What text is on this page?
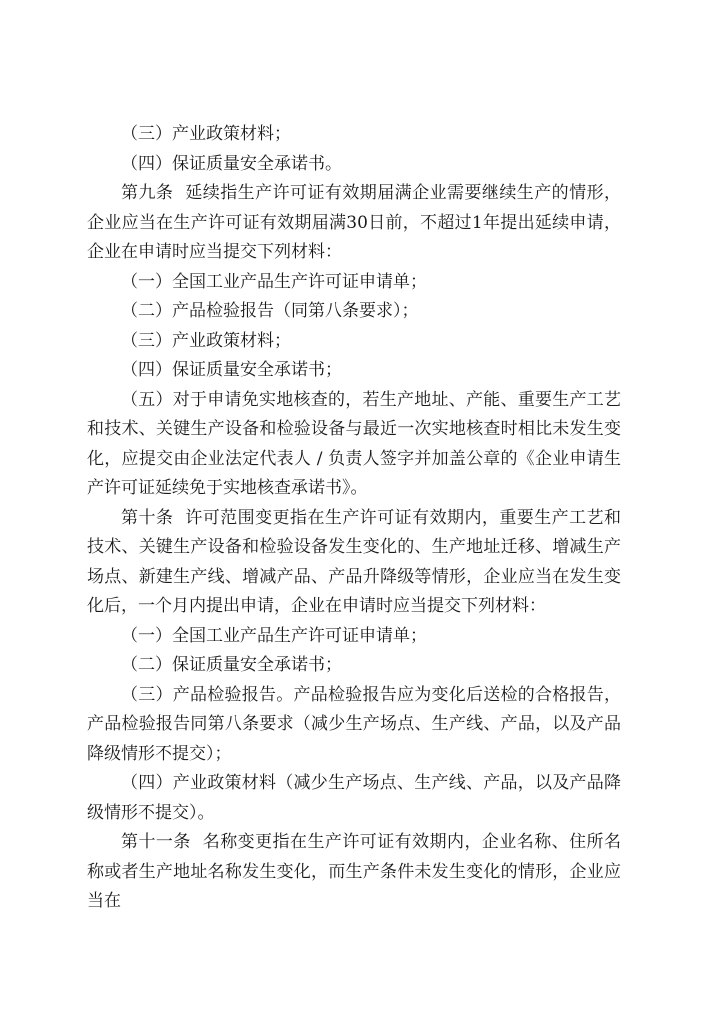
（三）产业政策材料；

（四）保证质量安全承诺书。

第九条 延续指生产许可证有效期届满企业需要继续生产的情形，企业应当在生产许可证有效期届满30日前，不超过1年提出延续申请，企业在申请时应当提交下列材料：

（一）全国工业产品生产许可证申请单；

（二）产品检验报告（同第八条要求）；

（三）产业政策材料；

（四）保证质量安全承诺书；

（五）对于申请免实地核查的，若生产地址、产能、重要生产工艺和技术、关键生产设备和检验设备与最近一次实地核查时相比未发生变化，应提交由企业法定代表人 / 负责人签字并加盖公章的《企业申请生产许可证延续免于实地核查承诺书》。

第十条 许可范围变更指在生产许可证有效期内，重要生产工艺和技术、关键生产设备和检验设备发生变化的、生产地址迁移、增减生产场点、新建生产线、增减产品、产品升降级等情形，企业应当在发生变化后，一个月内提出申请，企业在申请时应当提交下列材料：

（一）全国工业产品生产许可证申请单；

（二）保证质量安全承诺书；

（三）产品检验报告。产品检验报告应为变化后送检的合格报告，产品检验报告同第八条要求（减少生产场点、生产线、产品，以及产品降级情形不提交）；

（四）产业政策材料（减少生产场点、生产线、产品，以及产品降级情形不提交）。

第十一条 名称变更指在生产许可证有效期内，企业名称、住所名称或者生产地址名称发生变化，而生产条件未发生变化的情形，企业应当在
